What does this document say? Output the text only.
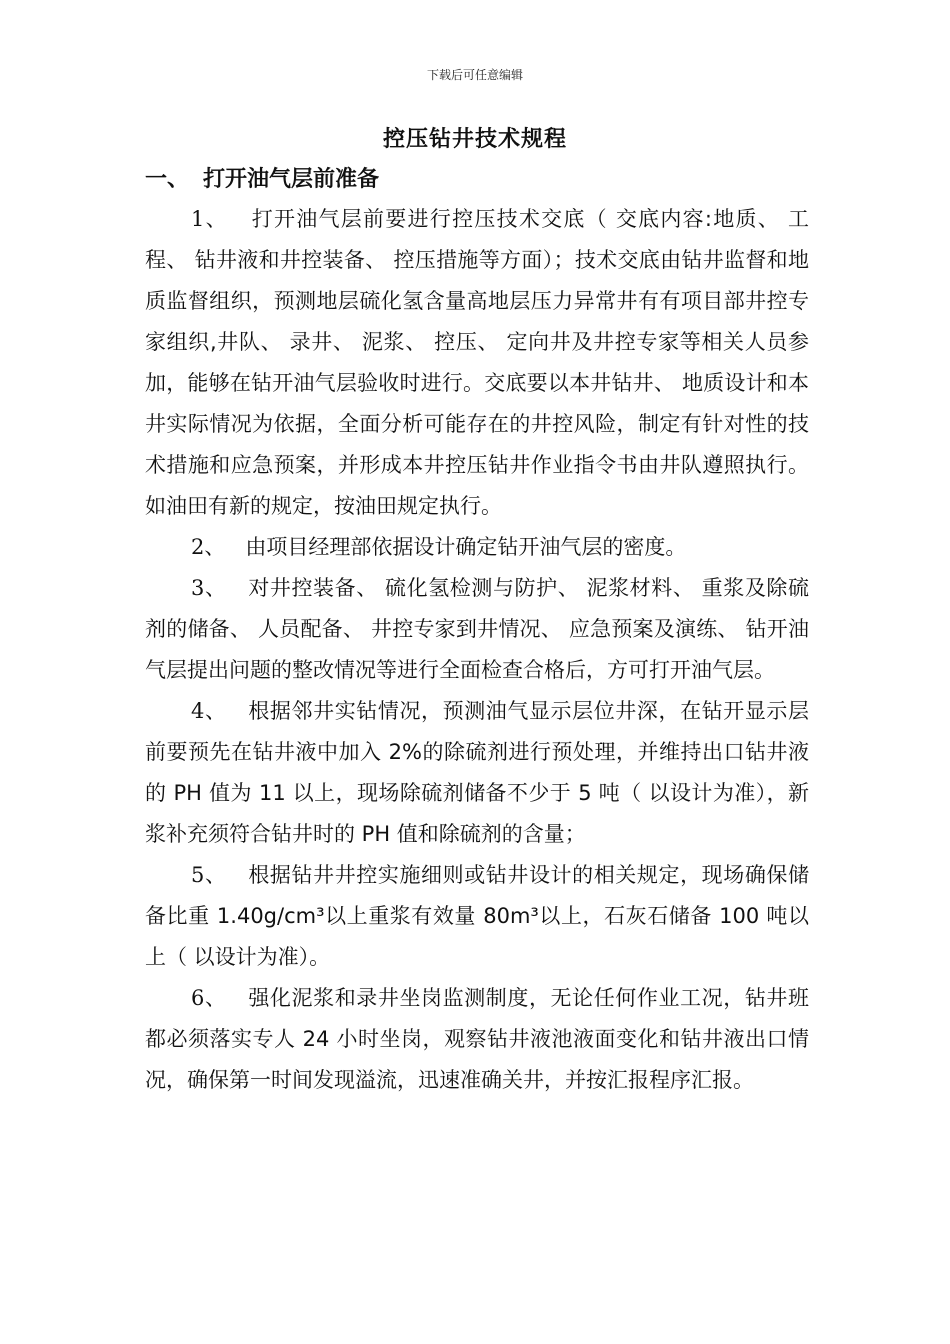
下载后可任意编辑
控压钻井技术规程
一、 打开油气层前准备

1、 打开油气层前要进行控压技术交底（ 交底内容:地质、 工程、 钻井液和井控装备、 控压措施等方面）；技术交底由钻井监督和地质监督组织，预测地层硫化氢含量高地层压力异常井有有项目部井控专家组织,井队、 录井、 泥浆、 控压、 定向井及井控专家等相关人员参加，能够在钻开油气层验收时进行。交底要以本井钻井、 地质设计和本井实际情况为依据，全面分析可能存在的井控风险，制定有针对性的技术措施和应急预案，并形成本井控压钻井作业指令书由井队遵照执行。如油田有新的规定，按油田规定执行。

2、 由项目经理部依据设计确定钻开油气层的密度。

3、 对井控装备、 硫化氢检测与防护、 泥浆材料、 重浆及除硫剂的储备、 人员配备、 井控专家到井情况、 应急预案及演练、 钻开油气层提出问题的整改情况等进行全面检查合格后，方可打开油气层。

4、 根据邻井实钻情况，预测油气显示层位井深，在钻开显示层前要预先在钻井液中加入 2%的除硫剂进行预处理，并维持出口钻井液的 PH 值为 11 以上，现场除硫剂储备不少于 5 吨（ 以设计为准），新浆补充须符合钻井时的 PH 值和除硫剂的含量；

5、 根据钻井井控实施细则或钻井设计的相关规定，现场确保储备比重 1.40g/cm³以上重浆有效量 80m³以上，石灰石储备 100 吨以上（ 以设计为准）。

6、 强化泥浆和录井坐岗监测制度，无论任何作业工况，钻井班都必须落实专人 24 小时坐岗，观察钻井液池液面变化和钻井液出口情况，确保第一时间发现溢流，迅速准确关井，并按汇报程序汇报。
